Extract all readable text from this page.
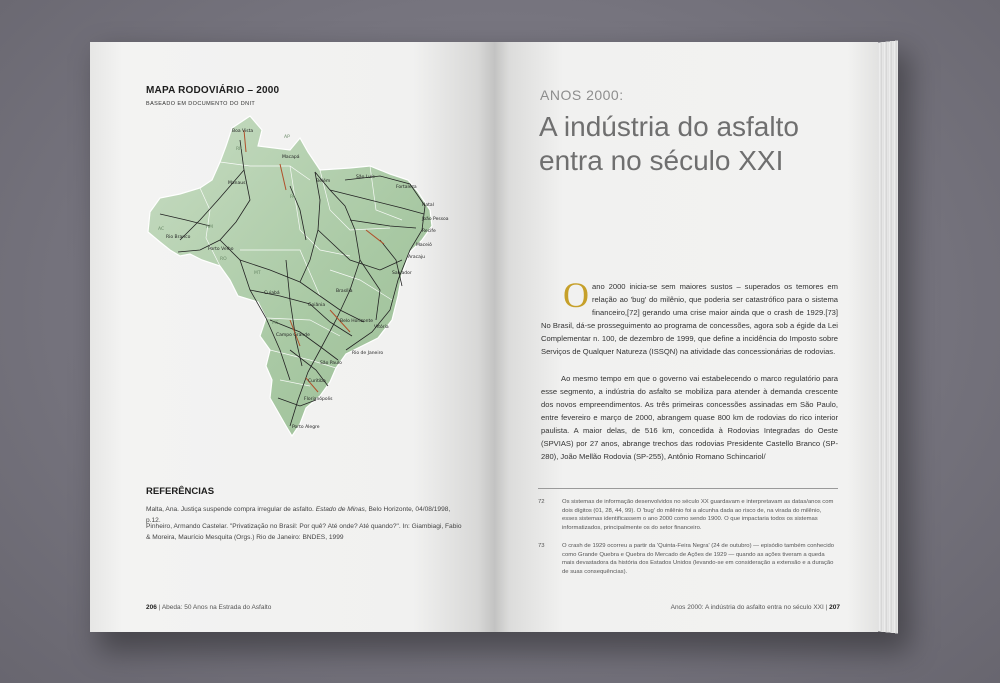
MAPA RODOVIÁRIO – 2000
BASEADO EM DOCUMENTO DO DNIT
Boa Vista
RR
AP
Macapá
Manaus
AM
PA
Belém
São Luís
Fortaleza
Natal
João Pessoa
Recife
Maceió
Aracaju
Salvador
Rio Branco
Porto Velho
AC
RO
MT
Cuiabá
Goiânia
Brasília
MS
Campo Grande
Belo Horizonte
Vitória
Rio de Janeiro
São Paulo
Curitiba
Florianópolis
Porto Alegre
REFERÊNCIAS
Malta, Ana. Justiça suspende compra irregular de asfalto. Estado de Minas, Belo Horizonte, 04/08/1998, p.12.
Pinheiro, Armando Castelar. "Privatização no Brasil: Por quê? Até onde? Até quando?". In: Giambiagi, Fabio & Moreira, Maurício Mesquita (Orgs.) Rio de Janeiro: BNDES, 1999
206 | Abeda: 50 Anos na Estrada do Asfalto
ANOS 2000:
A indústria do asfalto entra no século XXI

Oano 2000 inicia-se sem maiores sustos – superados os temores em relação ao 'bug' do milênio, que poderia ser catastrófico para o sistema financeiro,[72] gerando uma crise maior ainda que o crash de 1929.[73] No Brasil, dá-se prosseguimento ao programa de concessões, agora sob a égide da Lei Complementar n. 100, de dezembro de 1999, que define a incidência do Imposto sobre Serviços de Qualquer Natureza (ISSQN) na atividade das concessionárias de rodovias.

Ao mesmo tempo em que o governo vai estabelecendo o marco regulatório para esse segmento, a indústria do asfalto se mobiliza para atender à demanda crescente dos novos empreendimentos. As três primeiras concessões assinadas em São Paulo, entre fevereiro e março de 2000, abrangem quase 800 km de rodovias do rico interior paulista. A maior delas, de 516 km, concedida à Rodovias Integradas do Oeste (SPVIAS) por 27 anos, abrange trechos das rodovias Presidente Castello Branco (SP-280), João Mellão Rodovia (SP-255), Antônio Romano Schincariol/

72	Os sistemas de informação desenvolvidos no século XX guardavam e interpretavam as datas/anos com dois dígitos (01, 28, 44, 99). O 'bug' do milênio foi a alcunha dada ao risco de, na virada do milênio, esses sistemas identificassem o ano 2000 como sendo 1900. O que impactaria todos os sistemas informatizados, principalmente os do setor financeiro.
73	O crash de 1929 ocorreu a partir da 'Quinta-Feira Negra' (24 de outubro) — episódio também conhecido como Grande Quebra e Quebra do Mercado de Ações de 1929 — quando as ações tiveram a queda mais devastadora da história dos Estados Unidos (levando-se em consideração a extensão e a duração de suas consequências).
Anos 2000: A indústria do asfalto entra no século XXI | 207
